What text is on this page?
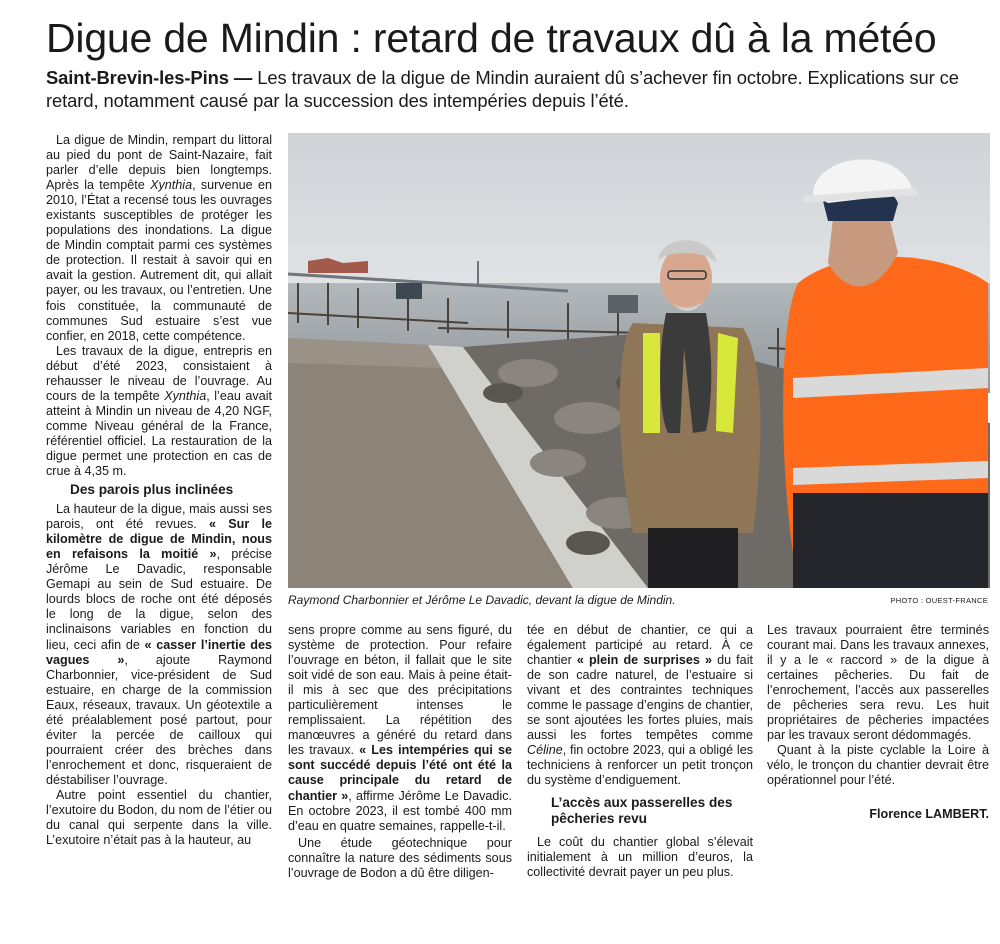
Digue de Mindin : retard de travaux dû à la météo
Saint-Brevin-les-Pins — Les travaux de la digue de Mindin auraient dû s’achever fin octobre. Explications sur ce retard, notamment causé par la succession des intempéries depuis l’été.

La digue de Mindin, rempart du littoral au pied du pont de Saint-Nazaire, fait parler d’elle depuis bien longtemps. Après la tempête Xynthia, survenue en 2010, l’État a recensé tous les ouvrages existants susceptibles de protéger les populations des inondations. La digue de Mindin comptait parmi ces systèmes de protection. Il restait à savoir qui en avait la gestion. Autrement dit, qui allait payer, ou les travaux, ou l’entretien. Une fois constituée, la communauté de communes Sud estuaire s’est vue confier, en 2018, cette compétence.

Les travaux de la digue, entrepris en début d’été 2023, consistaient à rehausser le niveau de l’ouvrage. Au cours de la tempête Xynthia, l’eau avait atteint à Mindin un niveau de 4,20 NGF, comme Niveau général de la France, référentiel officiel. La restauration de la digue permet une protection en cas de crue à 4,35 m.

Des parois plus inclinées

La hauteur de la digue, mais aussi ses parois, ont été revues. « Sur le kilomètre de digue de Mindin, nous en refaisons la moitié », précise Jérôme Le Davadic, responsable Gemapi au sein de Sud estuaire. De lourds blocs de roche ont été déposés le long de la digue, selon des inclinaisons variables en fonction du lieu, ceci afin de « casser l’inertie des vagues », ajoute Raymond Charbonnier, vice-président de Sud estuaire, en charge de la commission Eaux, réseaux, travaux. Un géotextile a été préalablement posé partout, pour éviter la percée de cailloux qui pourraient créer des brèches dans l’enrochement et donc, risqueraient de déstabiliser l’ouvrage.

Autre point essentiel du chantier, l’exutoire du Bodon, du nom de l’étier ou du canal qui serpente dans la ville. L’exutoire n’était pas à la hauteur, au

Raymond Charbonnier et Jérôme Le Davadic, devant la digue de Mindin.	PHOTO : OUEST-FRANCE

sens propre comme au sens figuré, du système de protection. Pour refaire l’ouvrage en béton, il fallait que le site soit vidé de son eau. Mais à peine était-il mis à sec que des précipitations particulièrement intenses le remplissaient. La répétition des manœuvres a généré du retard dans les travaux. « Les intempéries qui se sont succédé depuis l’été ont été la cause principale du retard de chantier », affirme Jérôme Le Davadic. En octobre 2023, il est tombé 400 mm d’eau en quatre semaines, rappelle-t-il.

Une étude géotechnique pour connaître la nature des sédiments sous l’ouvrage de Bodon a dû être diligen-

tée en début de chantier, ce qui a également participé au retard. À ce chantier « plein de surprises » du fait de son cadre naturel, de l’estuaire si vivant et des contraintes techniques comme le passage d’engins de chantier, se sont ajoutées les fortes pluies, mais aussi les fortes tempêtes comme Céline, fin octobre 2023, qui a obligé les techniciens à renforcer un petit tronçon du système d’endiguement.

L’accès aux passerelles des pêcheries revu

Le coût du chantier global s’élevait initialement à un million d’euros, la collectivité devrait payer un peu plus.

Les travaux pourraient être terminés courant mai. Dans les travaux annexes, il y a le « raccord » de la digue à certaines pêcheries. Du fait de l’enrochement, l’accès aux passerelles de pêcheries sera revu. Les huit propriétaires de pêcheries impactées par les travaux seront dédommagés.

Quant à la piste cyclable la Loire à vélo, le tronçon du chantier devrait être opérationnel pour l’été.

Florence LAMBERT.
